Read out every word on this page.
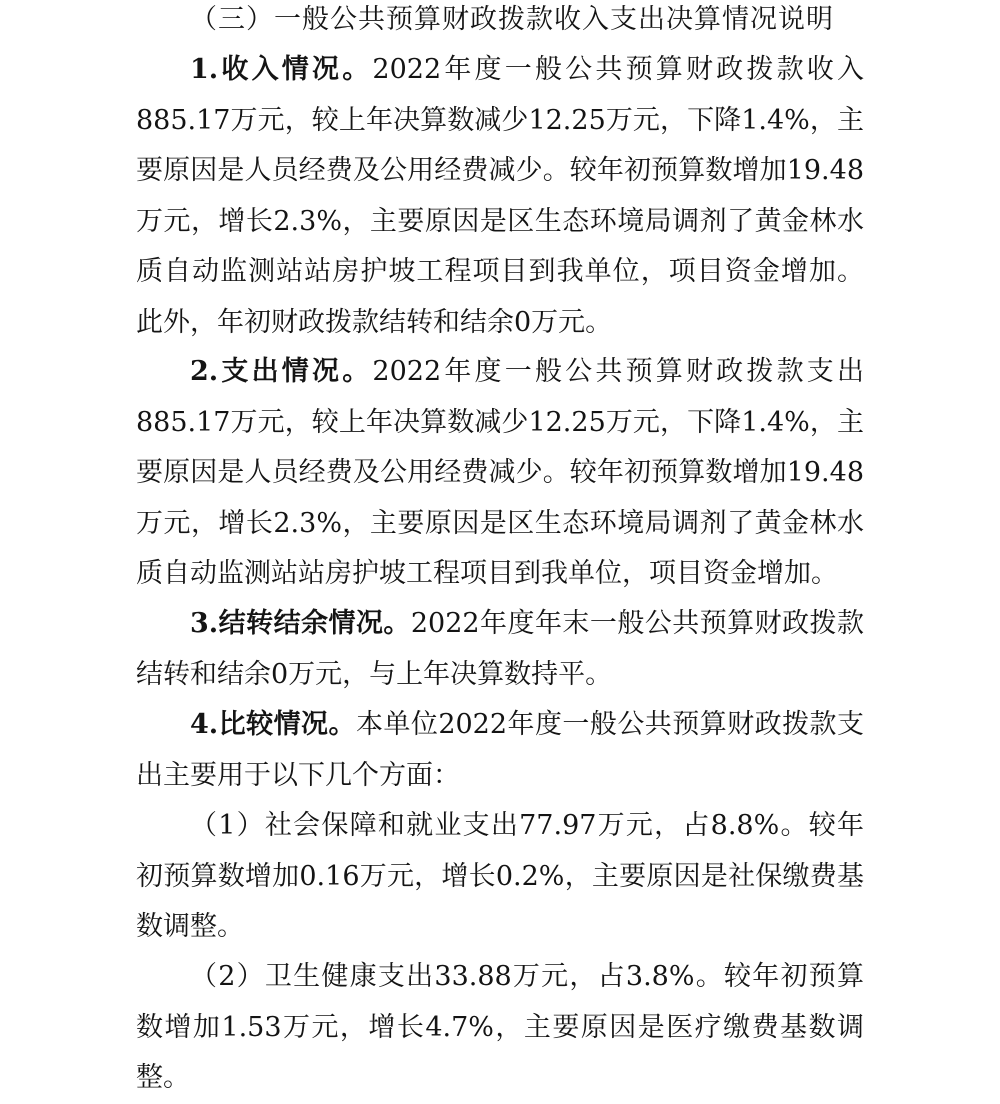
（三）一般公共预算财政拨款收入支出决算情况说明

1.收入情况。2022年度一般公共预算财政拨款收入885.17万元，较上年决算数减少12.25万元，下降1.4%，主要原因是人员经费及公用经费减少。较年初预算数增加19.48万元，增长2.3%，主要原因是区生态环境局调剂了黄金林水质自动监测站站房护坡工程项目到我单位，项目资金增加。此外，年初财政拨款结转和结余0万元。

2.支出情况。2022年度一般公共预算财政拨款支出885.17万元，较上年决算数减少12.25万元，下降1.4%，主要原因是人员经费及公用经费减少。较年初预算数增加19.48万元，增长2.3%，主要原因是区生态环境局调剂了黄金林水质自动监测站站房护坡工程项目到我单位，项目资金增加。

3.结转结余情况。2022年度年末一般公共预算财政拨款结转和结余0万元，与上年决算数持平。

4.比较情况。本单位2022年度一般公共预算财政拨款支出主要用于以下几个方面：

（1）社会保障和就业支出77.97万元，占8.8%。较年初预算数增加0.16万元，增长0.2%，主要原因是社保缴费基数调整。

（2）卫生健康支出33.88万元，占3.8%。较年初预算数增加1.53万元，增长4.7%，主要原因是医疗缴费基数调整。
